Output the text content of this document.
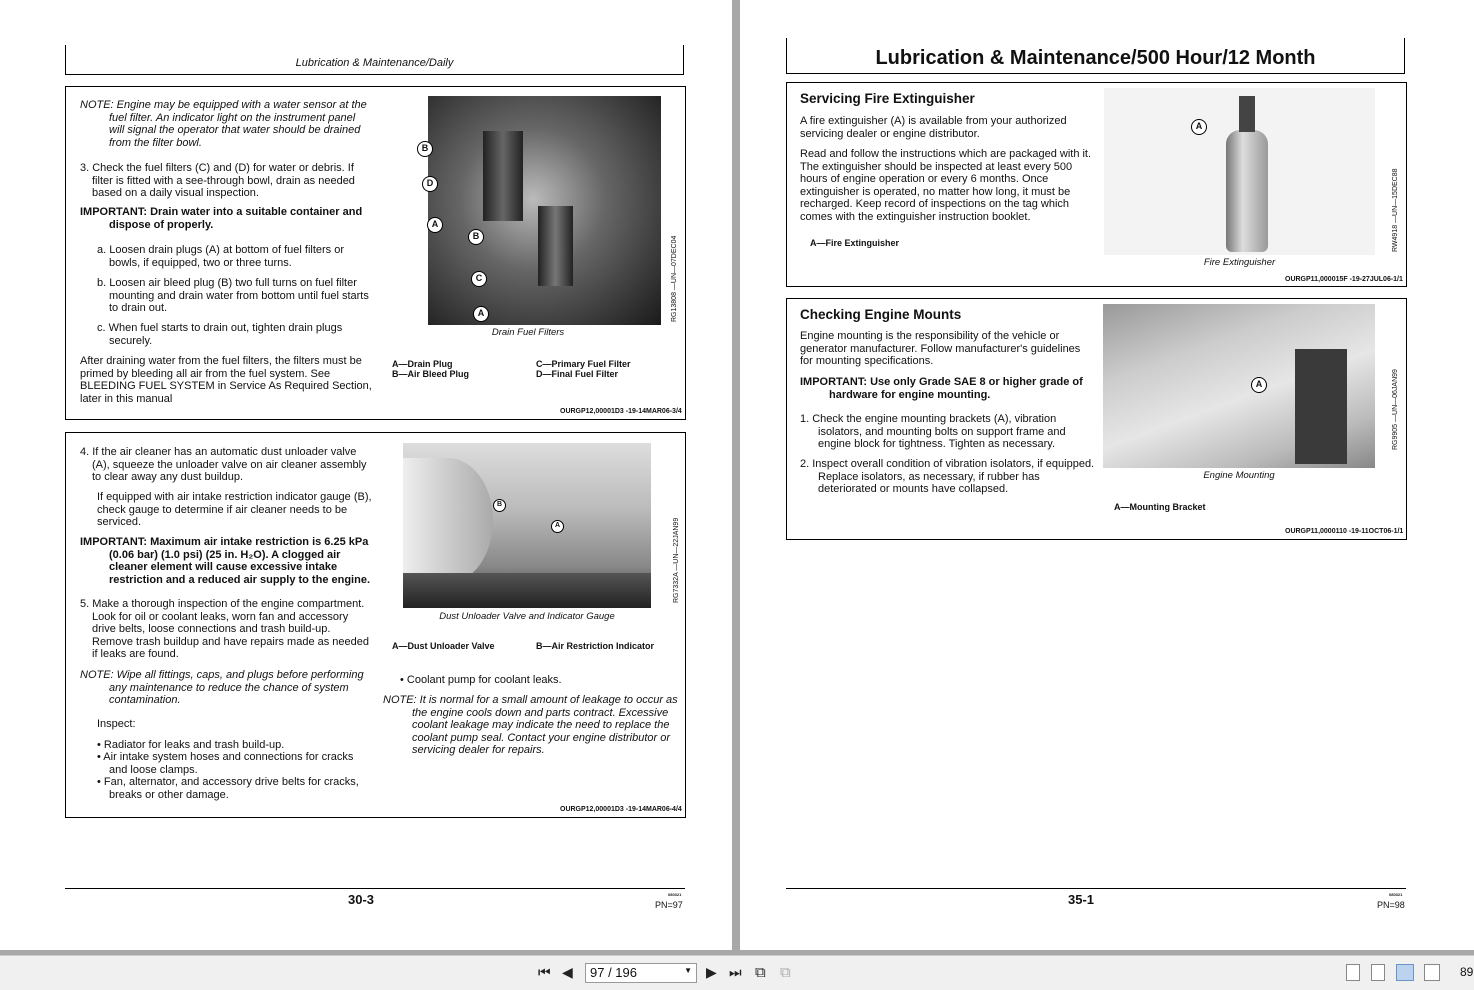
Lubrication & Maintenance/Daily
NOTE: Engine may be equipped with a water sensor at the fuel filter. An indicator light on the instrument panel will signal the operator that water should be drained from the filter bowl.
3. Check the fuel filters (C) and (D) for water or debris. If filter is fitted with a see-through bowl, drain as needed based on a daily visual inspection.
IMPORTANT: Drain water into a suitable container and dispose of properly.
a. Loosen drain plugs (A) at bottom of fuel filters or bowls, if equipped, two or three turns.
b. Loosen air bleed plug (B) two full turns on fuel filter mounting and drain water from bottom until fuel starts to drain out.
c. When fuel starts to drain out, tighten drain plugs securely.
After draining water from the fuel filters, the filters must be primed by bleeding all air from the fuel system. See BLEEDING FUEL SYSTEM in Service As Required Section, later in this manual
B
D
A
B
C
A	RG13808 —UN—07DEC04
Drain Fuel Filters
A—Drain Plug
B—Air Bleed Plug
C—Primary Fuel Filter
D—Final Fuel Filter
OURGP12,00001D3 -19-14MAR06-3/4
4. If the air cleaner has an automatic dust unloader valve (A), squeeze the unloader valve on air cleaner assembly to clear away any dust buildup.
If equipped with air intake restriction indicator gauge (B), check gauge to determine if air cleaner needs to be serviced.
IMPORTANT: Maximum air intake restriction is 6.25 kPa (0.06 bar) (1.0 psi) (25 in. H₂O). A clogged air cleaner element will cause excessive intake restriction and a reduced air supply to the engine.
5. Make a thorough inspection of the engine compartment. Look for oil or coolant leaks, worn fan and accessory drive belts, loose connections and trash build-up. Remove trash buildup and have repairs made as needed if leaks are found.
NOTE: Wipe all fittings, caps, and plugs before performing any maintenance to reduce the chance of system contamination.
Inspect:
• Radiator for leaks and trash build-up.
• Air intake system hoses and connections for cracks and loose clamps.
• Fan, alternator, and accessory drive belts for cracks, breaks or other damage.
B
A	RG7332A —UN—22JAN99
Dust Unloader Valve and Indicator Gauge
A—Dust Unloader Valve	B—Air Restriction Indicator
• Coolant pump for coolant leaks.
NOTE: It is normal for a small amount of leakage to occur as the engine cools down and parts contract. Excessive coolant leakage may indicate the need to replace the coolant pump seal. Contact your engine distributor or servicing dealer for repairs.
OURGP12,00001D3 -19-14MAR06-4/4
30-3	080321
PN=97
Lubrication & Maintenance/500 Hour/12 Month
Servicing Fire Extinguisher
A fire extinguisher (A) is available from your authorized servicing dealer or engine distributor.
Read and follow the instructions which are packaged with it. The extinguisher should be inspected at least every 500 hours of engine operation or every 6 months. Once extinguisher is operated, no matter how long, it must be recharged. Keep record of inspections on the tag which comes with the extinguisher instruction booklet.
A—Fire Extinguisher
A
RW4918 —UN—15DEC88
Fire Extinguisher
OURGP11,000015F -19-27JUL06-1/1
Checking Engine Mounts
Engine mounting is the responsibility of the vehicle or generator manufacturer. Follow manufacturer's guidelines for mounting specifications.
IMPORTANT: Use only Grade SAE 8 or higher grade of hardware for engine mounting.
1. Check the engine mounting brackets (A), vibration isolators, and mounting bolts on support frame and engine block for tightness. Tighten as necessary.
2. Inspect overall condition of vibration isolators, if equipped. Replace isolators, as necessary, if rubber has deteriorated or mounts have collapsed.
A	RG9905 —UN—06JAN99
Engine Mounting
A—Mounting Bracket
OURGP11,0000110 -19-11OCT06-1/1
35-1	080321
PN=98
⏮ ◀	97 / 196	▼ ▶ ⏭ ⧉ ⧉	89
